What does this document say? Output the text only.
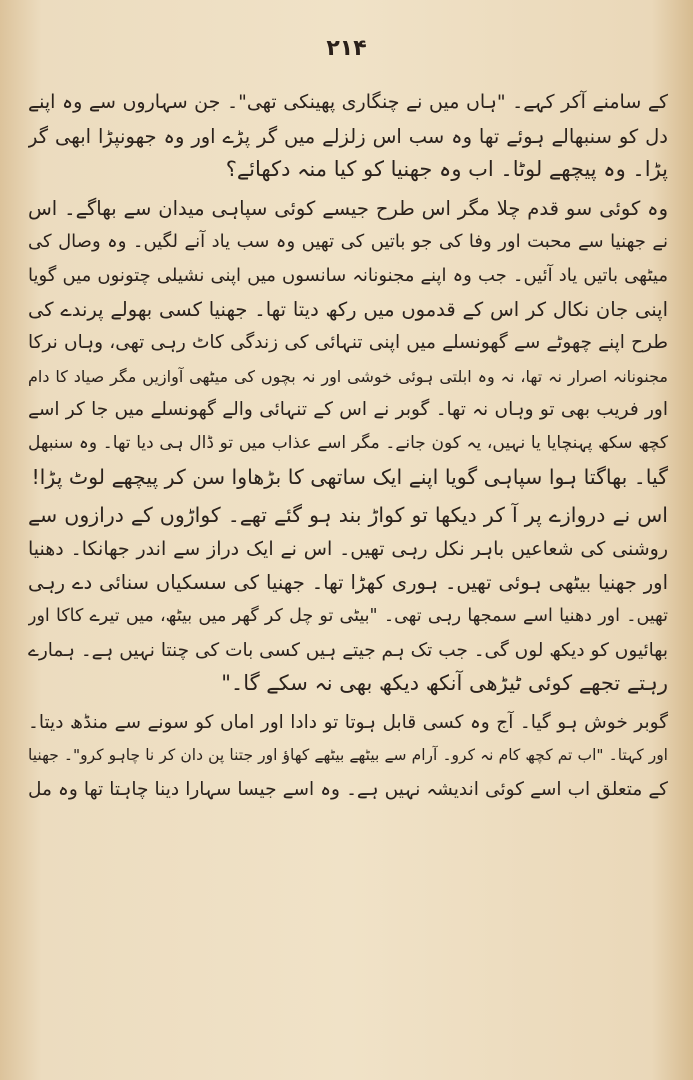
۲۱۴
کے سامنے آکر کہے۔ "ہاں میں نے چنگاری پھینکی تھی"۔ جن سہاروں سے وہ اپنے
دل کو سنبھالے ہوئے تھا وہ سب اس زلزلے میں گر پڑے اور وہ جھونپڑا ابھی گر
پڑا۔ وہ پیچھے لوٹا۔ اب وہ جھنیا کو کیا منہ دکھائے؟
وہ کوئی سو قدم چلا مگر اس طرح جیسے کوئی سپاہی میدان سے بھاگے۔ اس
نے جھنیا سے محبت اور وفا کی جو باتیں کی تھیں وہ سب یاد آنے لگیں۔ وہ وصال کی
میٹھی باتیں یاد آئیں۔ جب وہ اپنے مجنونانہ سانسوں میں اپنی نشیلی چتونوں میں گویا
اپنی جان نکال کر اس کے قدموں میں رکھ دیتا تھا۔ جھنیا کسی بھولے پرندے کی
طرح اپنے چھوٹے سے گھونسلے میں اپنی تنہائی کی زندگی کاٹ رہی تھی، وہاں نرکا
مجنونانہ اصرار نہ تھا، نہ وہ ابلتی ہوئی خوشی اور نہ بچوں کی میٹھی آوازیں مگر صیاد کا دام
اور فریب بھی تو وہاں نہ تھا۔ گوبر نے اس کے تنہائی والے گھونسلے میں جا کر اسے
کچھ سکھ پہنچایا یا نہیں، یہ کون جانے۔ مگر اسے عذاب میں تو ڈال ہی دیا تھا۔ وہ سنبھل
گیا۔ بھاگتا ہوا سپاہی گویا اپنے ایک ساتھی کا بڑھاوا سن کر پیچھے لوٹ پڑا!
اس نے دروازے پر آ کر دیکھا تو کواڑ بند ہو گئے تھے۔ کواڑوں کے درازوں سے
روشنی کی شعاعیں باہر نکل رہی تھیں۔ اس نے ایک دراز سے اندر جھانکا۔ دھنیا
اور جھنیا بیٹھی ہوئی تھیں۔ ہوری کھڑا تھا۔ جھنیا کی سسکیاں سنائی دے رہی
تھیں۔ اور دھنیا اسے سمجھا رہی تھی۔ "بیٹی تو چل کر گھر میں بیٹھ، میں تیرے کاکا اور
بھائیوں کو دیکھ لوں گی۔ جب تک ہم جیتے ہیں کسی بات کی چنتا نہیں ہے۔ ہمارے
رہتے تجھے کوئی ٹیڑھی آنکھ دیکھ بھی نہ سکے گا۔"
گوبر خوش ہو گیا۔ آج وہ کسی قابل ہوتا تو دادا اور اماں کو سونے سے منڈھ دیتا۔
اور کہتا۔ "اب تم کچھ کام نہ کرو۔ آرام سے بیٹھے بیٹھے کھاؤ اور جتنا پن دان کر نا چاہو کرو"۔ جھنیا
کے متعلق اب اسے کوئی اندیشہ نہیں ہے۔ وہ اسے جیسا سہارا دینا چاہتا تھا وہ مل
